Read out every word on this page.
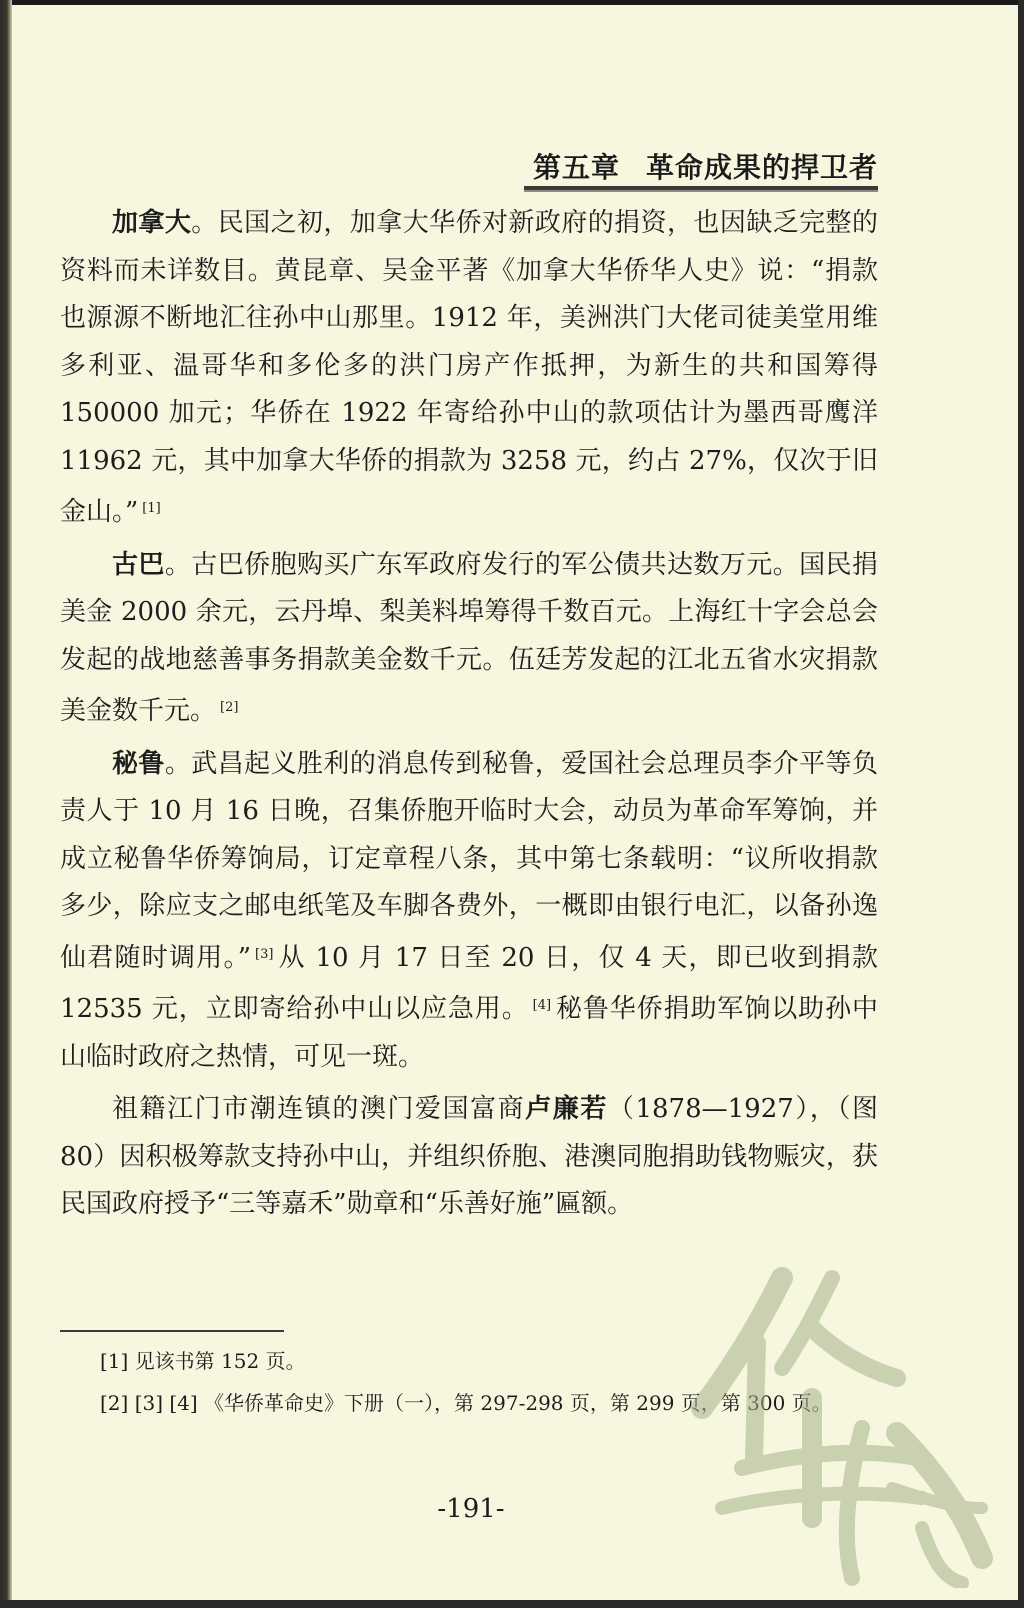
第五章 革命成果的捍卫者

加拿大。民国之初，加拿大华侨对新政府的捐资，也因缺乏完整的资料而未详数目。黄昆章、吴金平著《加拿大华侨华人史》说：“捐款也源源不断地汇往孙中山那里。1912 年，美洲洪门大佬司徒美堂用维多利亚、温哥华和多伦多的洪门房产作抵押，为新生的共和国筹得 150000 加元；华侨在 1922 年寄给孙中山的款项估计为墨西哥鹰洋 11962 元，其中加拿大华侨的捐款为 3258 元，约占 27%，仅次于旧金山。” [1]

古巴。古巴侨胞购买广东军政府发行的军公债共达数万元。国民捐美金 2000 余元，云丹埠、梨美料埠筹得千数百元。上海红十字会总会发起的战地慈善事务捐款美金数千元。伍廷芳发起的江北五省水灾捐款美金数千元。 [2]

秘鲁。武昌起义胜利的消息传到秘鲁，爱国社会总理员李介平等负责人于 10 月 16 日晚，召集侨胞开临时大会，动员为革命军筹饷，并成立秘鲁华侨筹饷局，订定章程八条，其中第七条载明：“议所收捐款多少，除应支之邮电纸笔及车脚各费外，一概即由银行电汇，以备孙逸仙君随时调用。” [3] 从 10 月 17 日至 20 日，仅 4 天，即已收到捐款 12535 元，立即寄给孙中山以应急用。 [4] 秘鲁华侨捐助军饷以助孙中山临时政府之热情，可见一斑。

祖籍江门市潮连镇的澳门爱国富商卢廉若（1878—1927），（图 80）因积极筹款支持孙中山，并组织侨胞、港澳同胞捐助钱物赈灾，获民国政府授予“三等嘉禾”勋章和“乐善好施”匾额。

[1] 见该书第 152 页。

[2] [3] [4] 《华侨革命史》下册（一），第 297-298 页，第 299 页，第 300 页。

-191-
